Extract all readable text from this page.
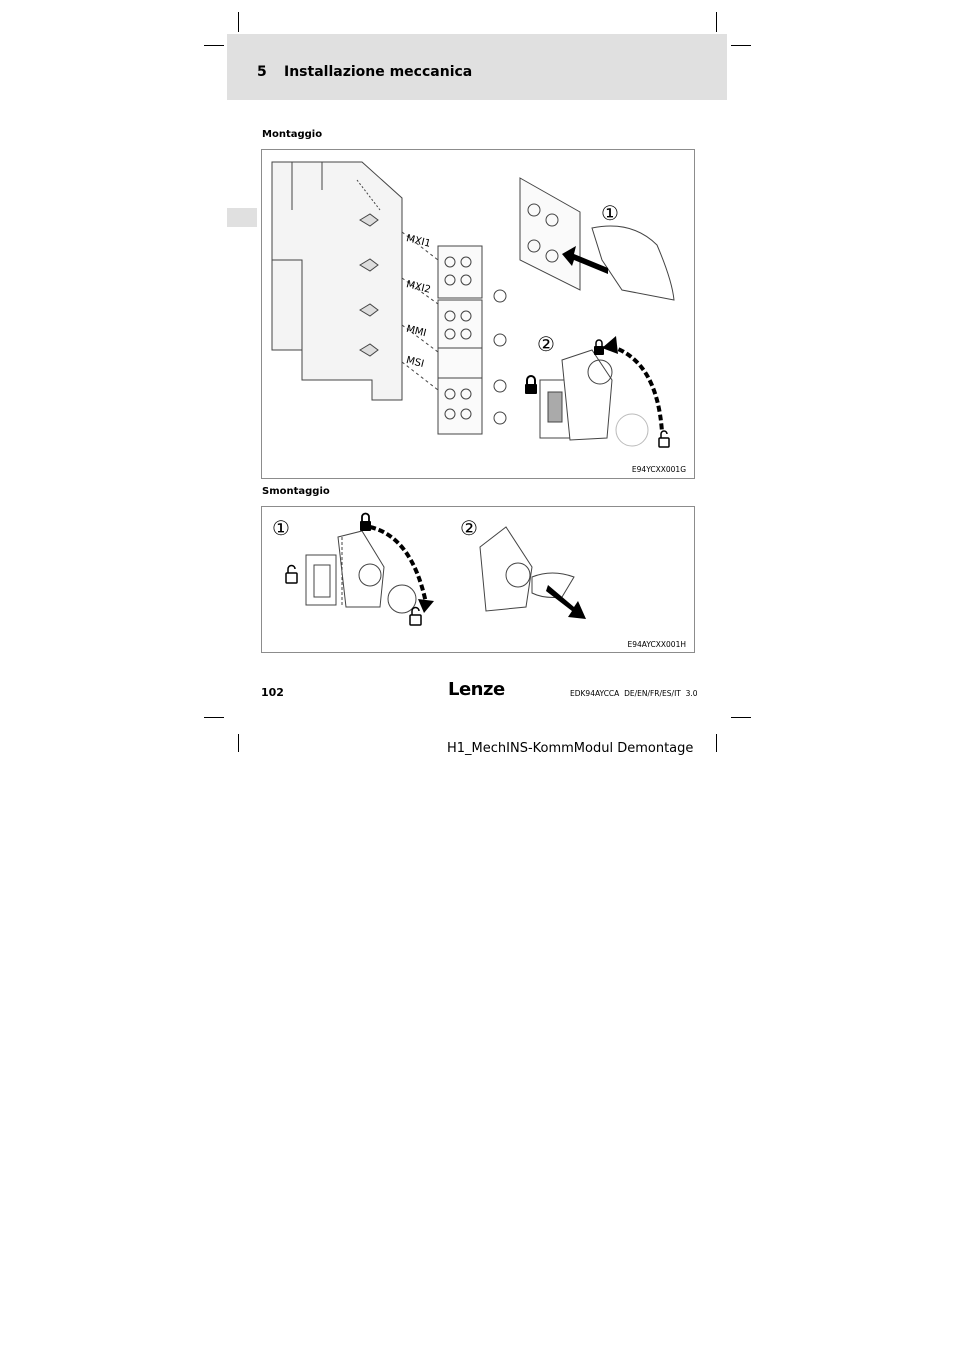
5 Installazione meccanica
Montaggio
MXI1
MXI2
MMI
MSI
①
②
E94YCXX001G
Smontaggio
①	②
E94AYCXX001H
102	Lenze	EDK94AYCCA  DE/EN/FR/ES/IT  3.0
H1_MechINS-KommModul Demontage
